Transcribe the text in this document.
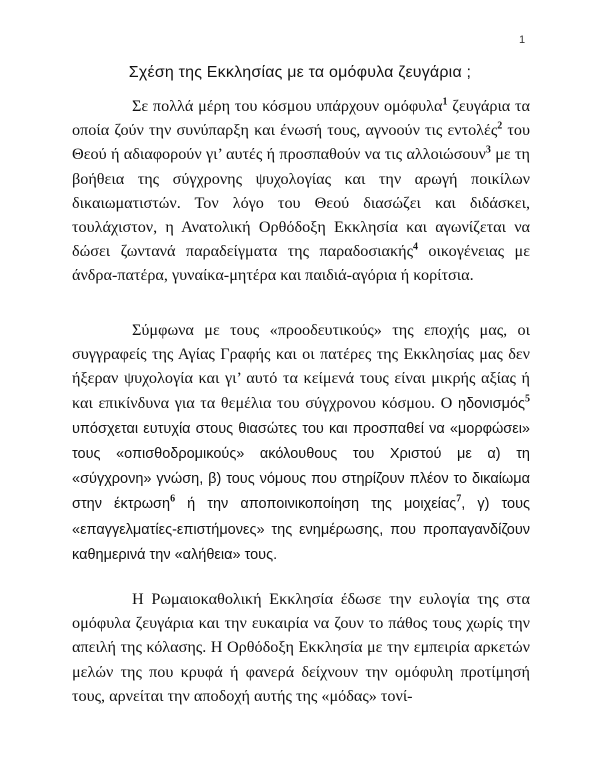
1
Σχέση της Εκκλησίας με τα ομόφυλα ζευγάρια ;

Σε πολλά μέρη του κόσμου υπάρχουν ομόφυλα$^1$ ζευγάρια τα οποία ζούν την συνύπαρξη και ένωσή τους, αγνοούν τις εντολές$^2$ του Θεού ή αδιαφορούν γι’ αυτές ή προσπαθούν να τις αλλοιώσουν$^3$ με τη βοήθεια της σύγχρονης ψυχολογίας και την αρωγή ποικίλων δικαιωματιστών. Τον λόγο του Θεού διασώζει και διδάσκει, τουλάχιστον, η Ανατολική Ορθόδοξη Εκκλησία και αγωνίζεται να δώσει ζωντανά παραδείγματα της παραδοσιακής$^4$ οικογένειας με άνδρα-πατέρα, γυναίκα-μητέρα και παιδιά-αγόρια ή κορίτσια.

Σύμφωνα με τους «προοδευτικούς» της εποχής μας, οι συγγραφείς της Αγίας Γραφής και οι πατέρες της Εκκλησίας μας δεν ήξεραν ψυχολογία και γι’ αυτό τα κείμενά τους είναι μικρής αξίας ή και επικίνδυνα για τα θεμέλια του σύγχρονου κόσμου. Ο ηδονισμός$^5$ υπόσχεται ευτυχία στους θιασώτες του και προσπαθεί να «μορφώσει» τους «οπισθοδρομικούς» ακόλουθους του Χριστού με α) τη «σύγχρονη» γνώση, β) τους νόμους που στηρίζουν πλέον το δικαίωμα στην έκτρωση$^6$ ή την αποποινικοποίηση της μοιχείας$^7$, γ) τους «επαγγελματίες-επιστήμονες» της ενημέρωσης, που προπαγανδίζουν καθημερινά την «αλήθεια» τους.

Η Ρωμαιοκαθολική Εκκλησία έδωσε την ευλογία της στα ομόφυλα ζευγάρια και την ευκαιρία να ζουν το πάθος τους χωρίς την απειλή της κόλασης. Η Ορθόδοξη Εκκλησία με την εμπειρία αρκετών μελών της που κρυφά ή φανερά δείχνουν την ομόφυλη προτίμησή τους, αρνείται την αποδοχή αυτής της «μόδας» τονί-
